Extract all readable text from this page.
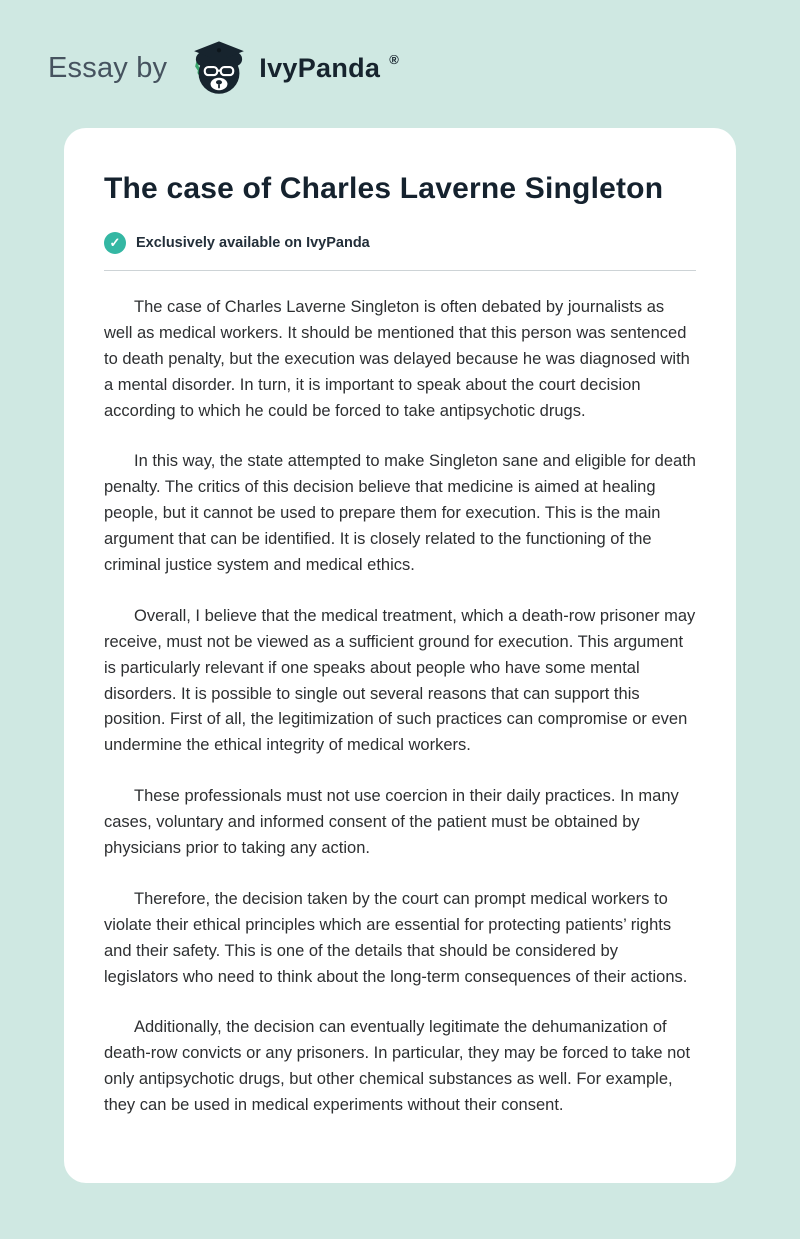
Essay by	IvyPanda ®
The case of Charles Laverne Singleton
✓	Exclusively available on IvyPanda

The case of Charles Laverne Singleton is often debated by journalists as well as medical workers. It should be mentioned that this person was sentenced to death penalty, but the execution was delayed because he was diagnosed with a mental disorder. In turn, it is important to speak about the court decision according to which he could be forced to take antipsychotic drugs.

In this way, the state attempted to make Singleton sane and eligible for death penalty. The critics of this decision believe that medicine is aimed at healing people, but it cannot be used to prepare them for execution. This is the main argument that can be identified. It is closely related to the functioning of the criminal justice system and medical ethics.

Overall, I believe that the medical treatment, which a death-row prisoner may receive, must not be viewed as a sufficient ground for execution. This argument is particularly relevant if one speaks about people who have some mental disorders. It is possible to single out several reasons that can support this position. First of all, the legitimization of such practices can compromise or even undermine the ethical integrity of medical workers.

These professionals must not use coercion in their daily practices. In many cases, voluntary and informed consent of the patient must be obtained by physicians prior to taking any action.

Therefore, the decision taken by the court can prompt medical workers to violate their ethical principles which are essential for protecting patients’ rights and their safety. This is one of the details that should be considered by legislators who need to think about the long-term consequences of their actions.

Additionally, the decision can eventually legitimate the dehumanization of death-row convicts or any prisoners. In particular, they may be forced to take not only antipsychotic drugs, but other chemical substances as well. For example, they can be used in medical experiments without their consent.
